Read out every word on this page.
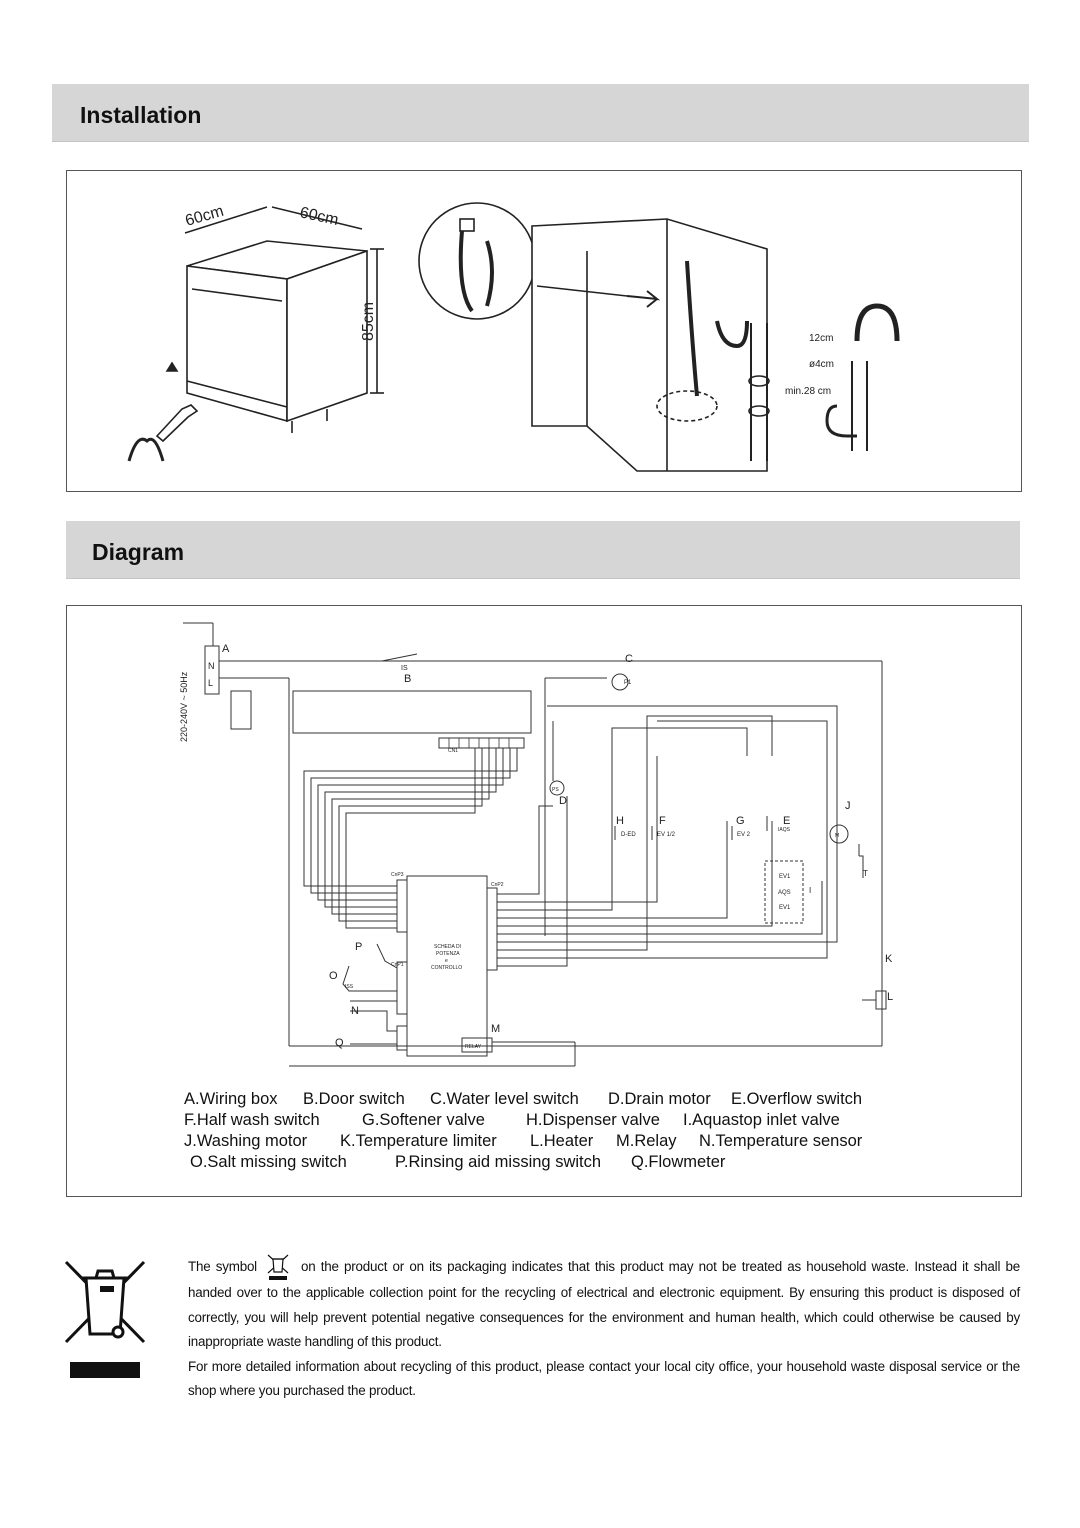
Installation
60cm	60cm
85cm	12cm
ø4cm
min.28 cm
Diagram
A
N
L
220-240V ~ 50Hz
IS
B
C
P1
CN1
PS
D
H	F	G	E
J
D-ED	EV 1/2	EV 2
IAQS
M
EV1
AQS
EV1
I
T
CnP3
CnP2
CnP1
SCHEDA DI
POTENZA
e
CONTROLLO
RELAY
P
O
ISS
N
Q
M
K
L
A.Wiring box B.Door switch C.Water level switch D.Drain motor E.Overflow switch
F.Half wash switch	G.Softener valve H.Dispenser valve I.Aquastop inlet valve
J.Washing motor K.Temperature limiter L.Heater M.Relay N.Temperature sensor
O.Salt missing switch	P.Rinsing aid missing switch Q.Flowmeter

The symbol	on the product or on its packaging indicates that this product may not be treated as household waste. Instead it shall be handed over to the applicable collection point for the recycling of electrical and electronic equipment. By ensuring this product is disposed of correctly, you will help prevent potential negative consequences for the environment and human health, which could otherwise be caused by inappropriate waste handling of this product.

For more detailed information about recycling of this product, please contact your local city office, your household waste disposal service or the shop where you purchased the product.
